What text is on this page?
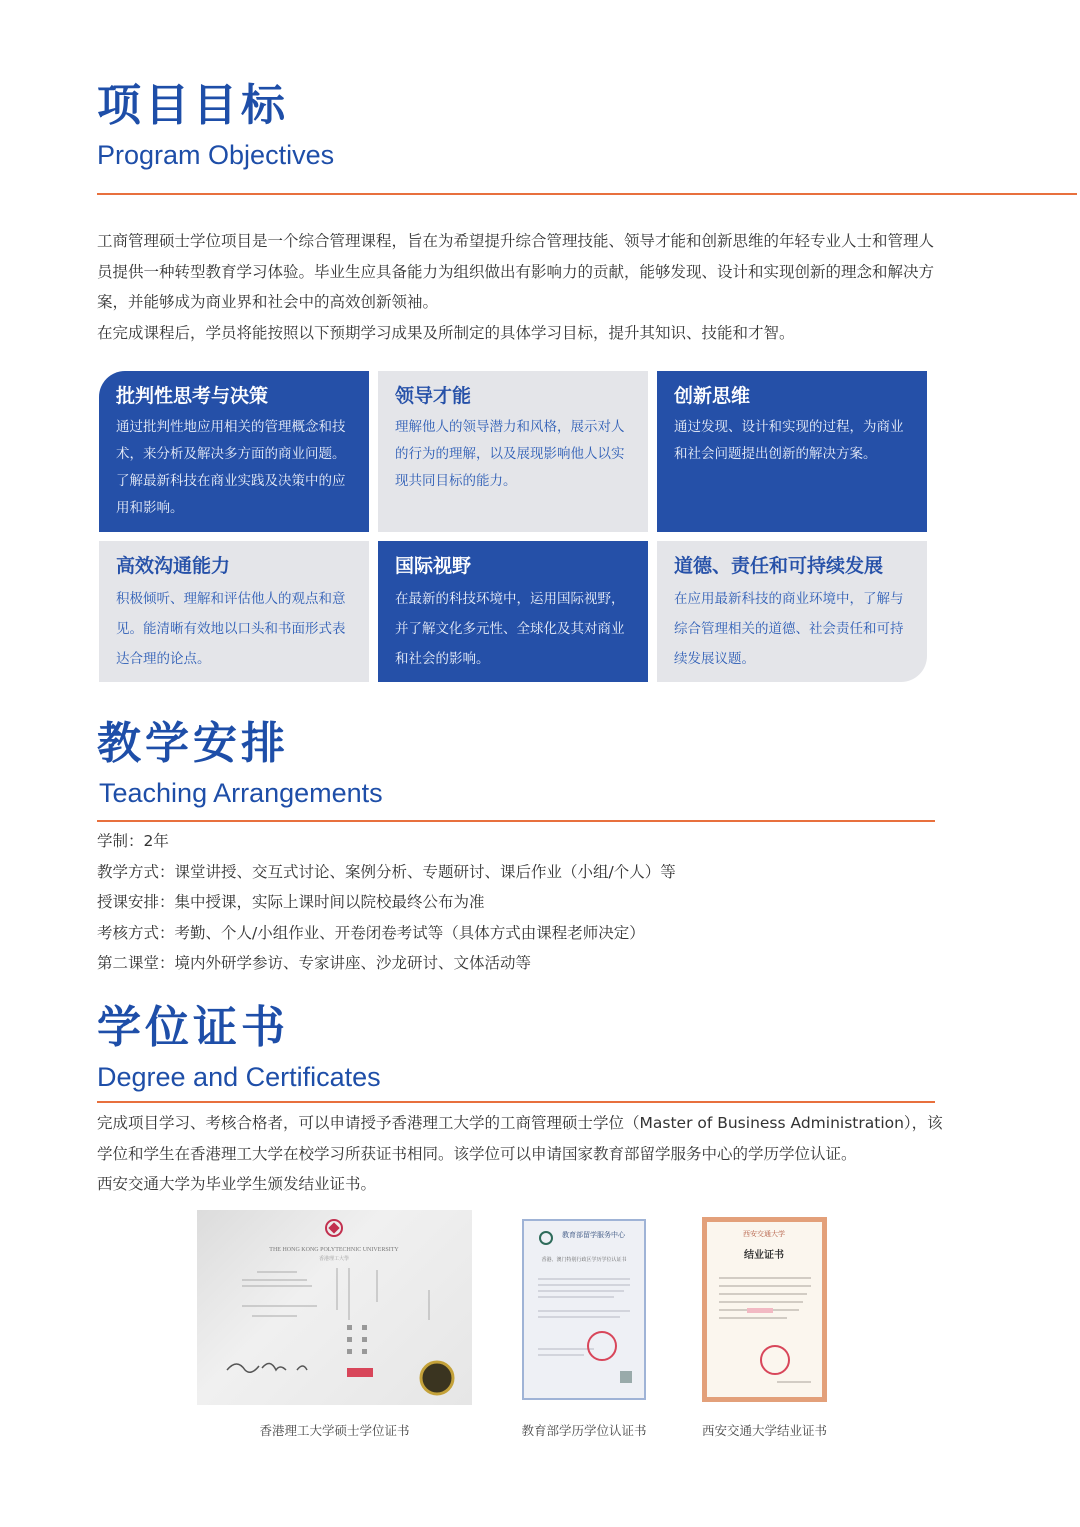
项目目标
Program Objectives

工商管理硕士学位项目是一个综合管理课程，旨在为希望提升综合管理技能、领导才能和创新思维的年轻专业人士和管理人员提供一种转型教育学习体验。毕业生应具备能力为组织做出有影响力的贡献，能够发现、设计和实现创新的理念和解决方案，并能够成为商业界和社会中的高效创新领袖。

在完成课程后，学员将能按照以下预期学习成果及所制定的具体学习目标，提升其知识、技能和才智。

批判性思考与决策
通过批判性地应用相关的管理概念和技术，来分析及解决多方面的商业问题。了解最新科技在商业实践及决策中的应用和影响。
领导才能
理解他人的领导潜力和风格，展示对人的行为的理解，以及展现影响他人以实现共同目标的能力。
创新思维
通过发现、设计和实现的过程，为商业和社会问题提出创新的解决方案。
高效沟通能力
积极倾听、理解和评估他人的观点和意见。能清晰有效地以口头和书面形式表达合理的论点。
国际视野
在最新的科技环境中，运用国际视野，并了解文化多元性、全球化及其对商业和社会的影响。
道德、责任和可持续发展
在应用最新科技的商业环境中，了解与综合管理相关的道德、社会责任和可持续发展议题。
教学安排
Teaching Arrangements

学制：2年

教学方式：课堂讲授、交互式讨论、案例分析、专题研讨、课后作业（小组/个人）等

授课安排：集中授课，实际上课时间以院校最终公布为准

考核方式：考勤、个人/小组作业、开卷闭卷考试等（具体方式由课程老师决定）

第二课堂：境内外研学参访、专家讲座、沙龙研讨、文体活动等

学位证书
Degree and Certificates

完成项目学习、考核合格者，可以申请授予香港理工大学的工商管理硕士学位（Master of Business Administration），该学位和学生在香港理工大学在校学习所获证书相同。该学位可以申请国家教育部留学服务中心的学历学位认证。

西安交通大学为毕业学生颁发结业证书。

THE HONG KONG POLYTECHNIC UNIVERSITY
香港理工大學
香港理工大学硕士学位证书
教育部留学服务中心
香港、澳门特别行政区学历学位认证书
教育部学历学位认证书
西安交通大学
结业证书
西安交通大学结业证书
